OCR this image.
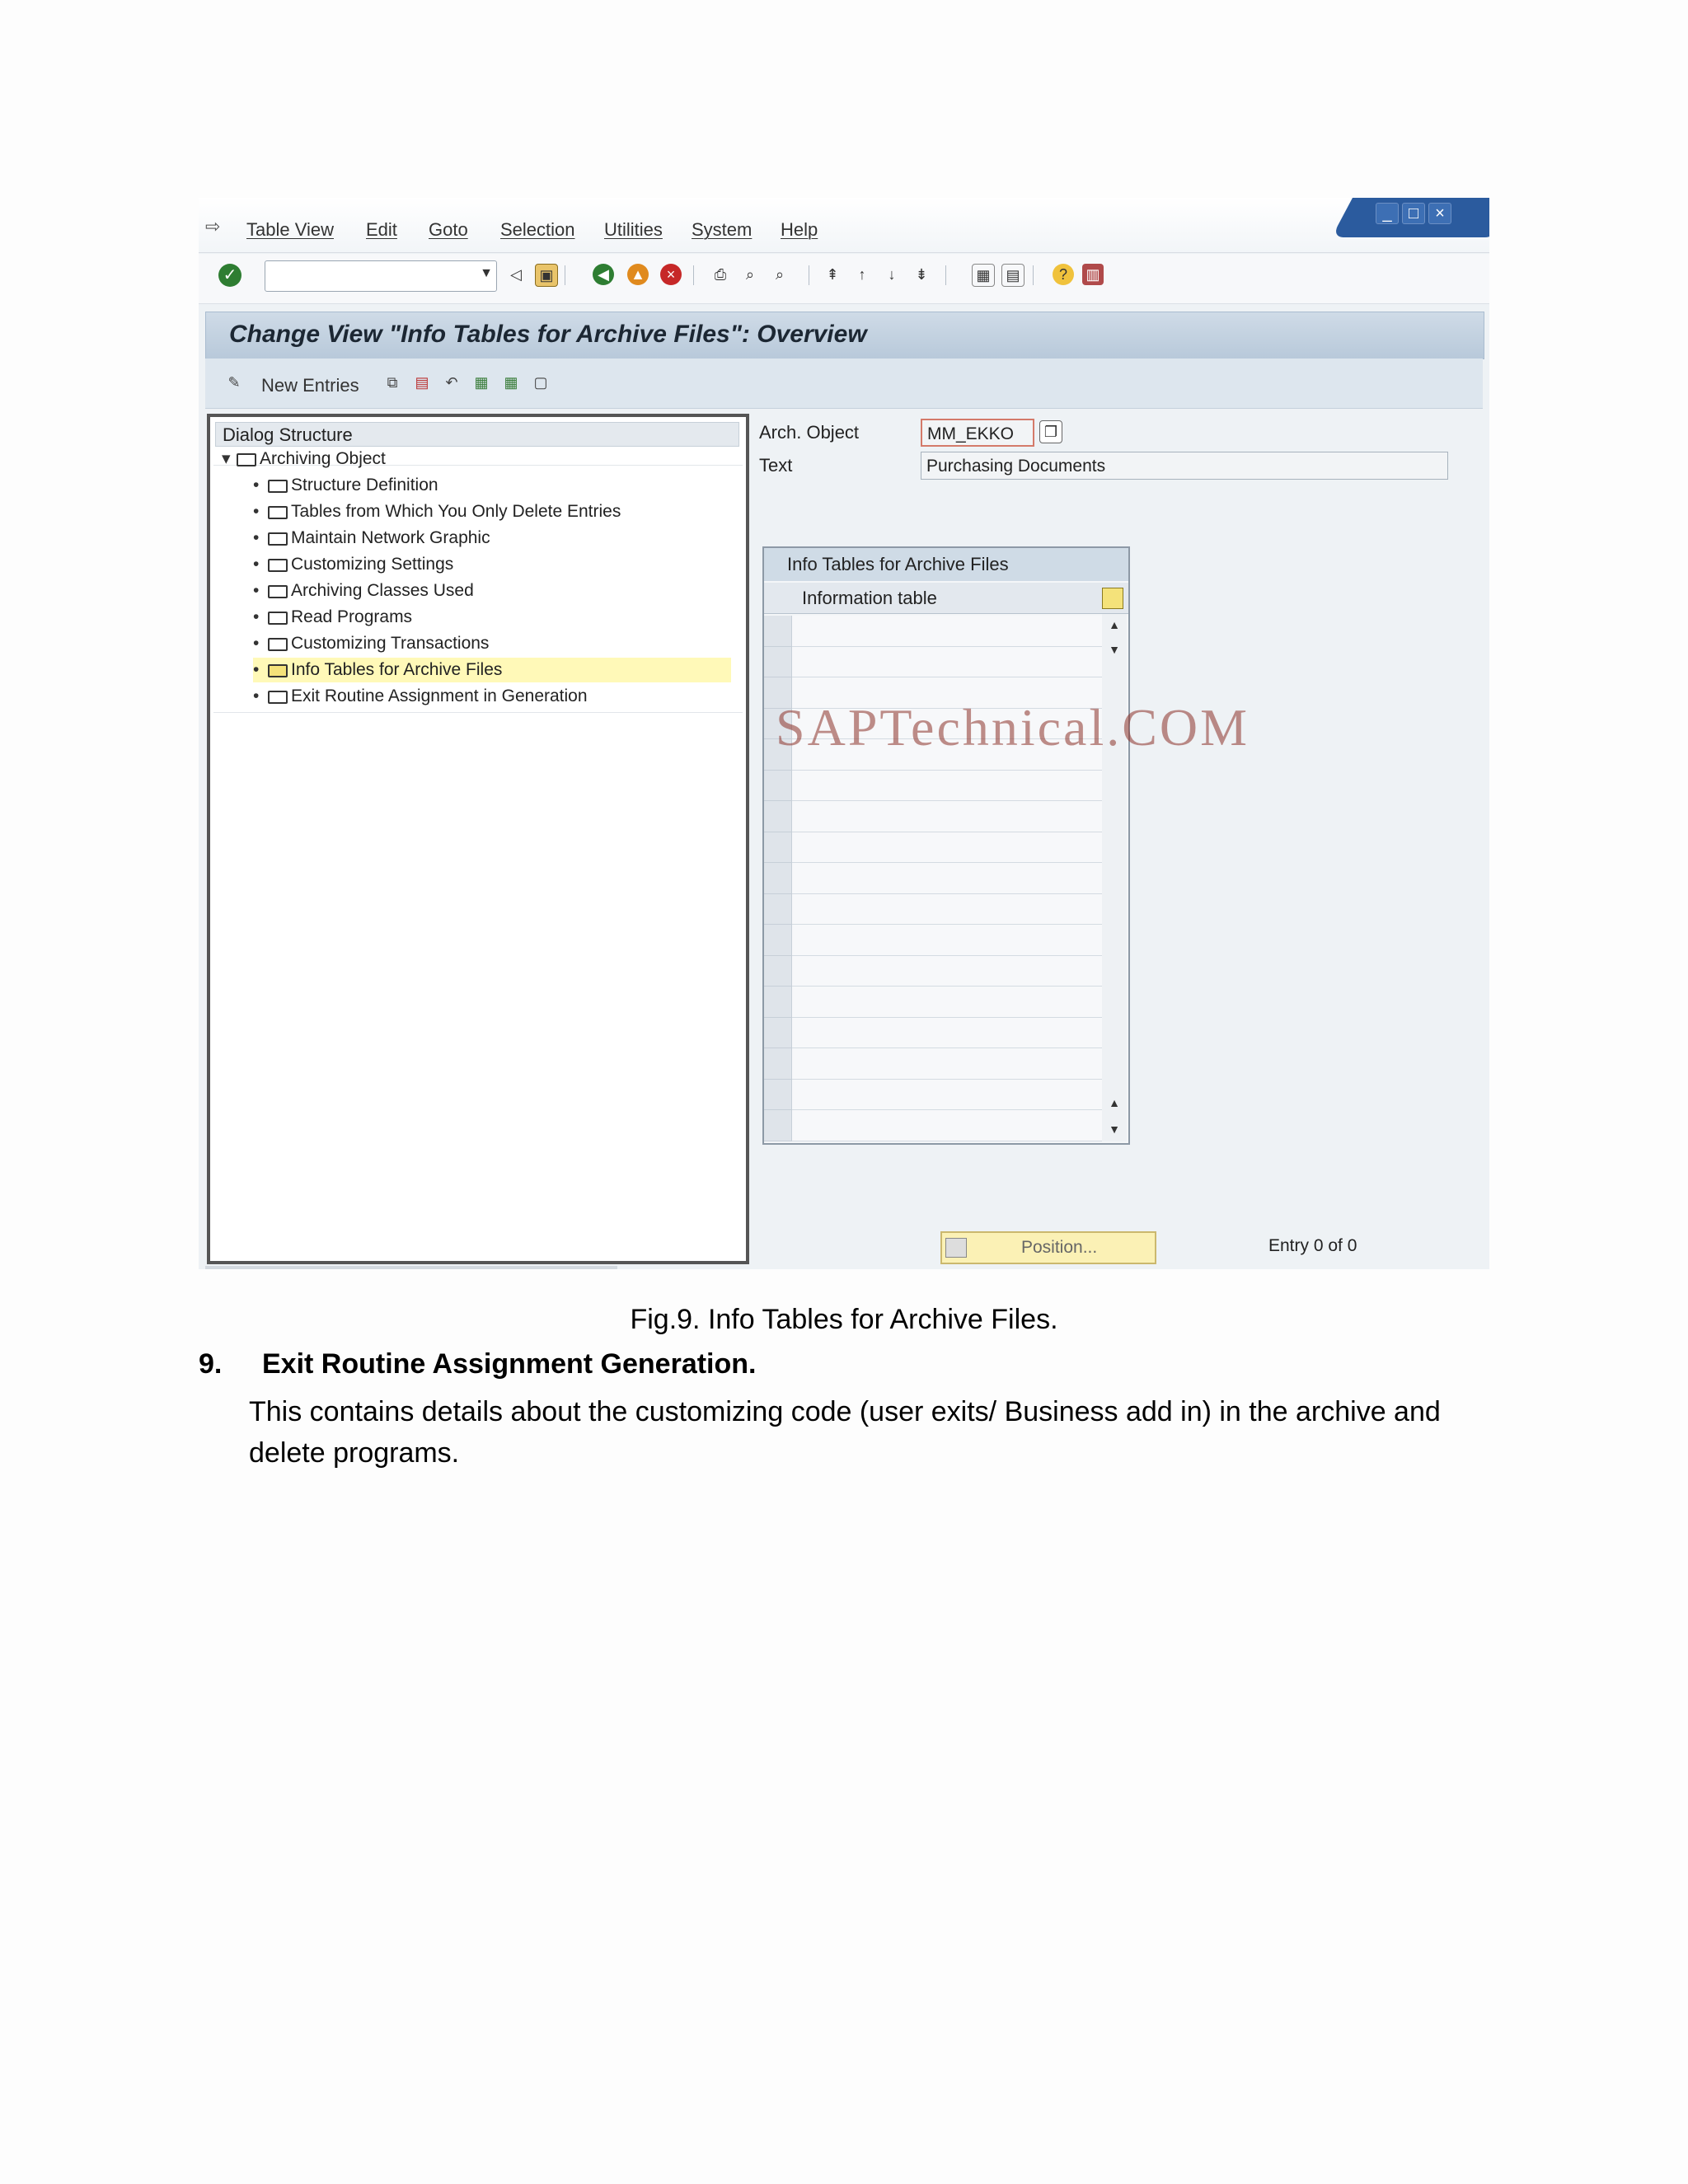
⇨ Table View Edit Goto Selection Utilities System Help
_	□	×
✓	▼	◁	▣	◀	▲	×	⎙	⌕	⌕	⇞	↑	↓	⇟	▦	▤	?	▥
Change View "Info Tables for Archive Files": Overview
✎ New Entries	⧉	▤	↶	▦ ▦ ▢
Dialog Structure
▾ Archiving Object
• Structure Definition
• Tables from Which You Only Delete Entries
• Maintain Network Graphic
• Customizing Settings
• Archiving Classes Used
• Read Programs
• Customizing Transactions
• Info Tables for Archive Files
• Exit Routine Assignment in Generation
Arch. Object	MM_EKKO	❐
Text	Purchasing Documents
Info Tables for Archive Files
Information table
▲
▼
▲
▼
SAPTechnical.COM
Position...	Entry 0 of 0
Fig.9. Info Tables for Archive Files.
9. Exit Routine Assignment Generation.
This contains details about the customizing code (user exits/ Business add in) in the archive and delete programs.
